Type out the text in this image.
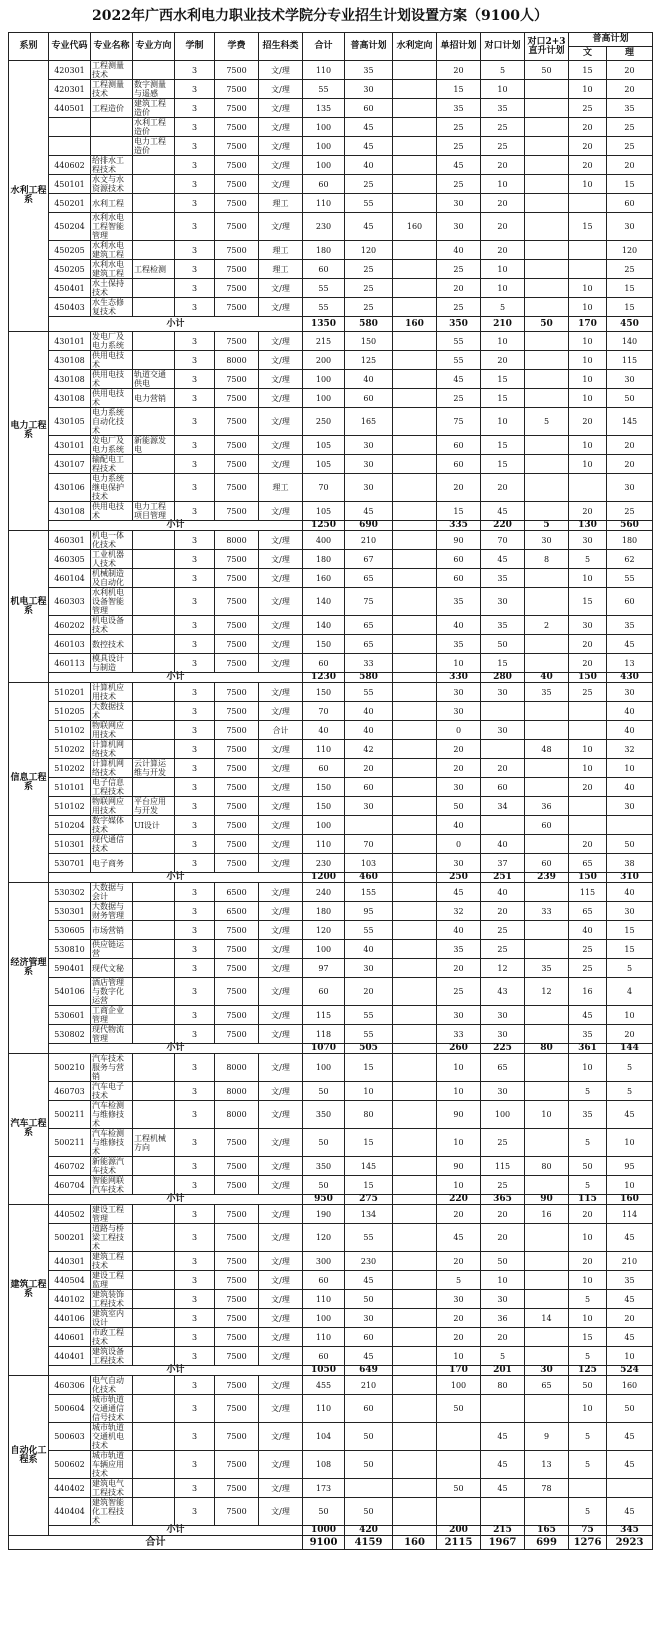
2022年广西水利电力职业技术学院分专业招生计划设置方案（9100人）
系别	专业代码	专业名称	专业方向	学制	学费	招生科类	合计	普高计划	水利定向	单招计划	对口计划	对口2+3直升计划	普高计划	
													文	理
水利工程系	420301	工程测量技术		3	7500	文/理	110	35		20	5	50	15	20
	420301	工程测量技术	数字测量与遥感	3	7500	文/理	55	30		15	10		10	20
	440501	工程造价	建筑工程造价	3	7500	文/理	135	60		35	35		25	35
			水利工程造价	3	7500	文/理	100	45		25	25		20	25
			电力工程造价	3	7500	文/理	100	45		25	25		20	25
	440602	给排水工程技术		3	7500	文/理	100	40		45	20		20	20
	450101	水文与水资源技术		3	7500	文/理	60	25		25	10		10	15
	450201	水利工程		3	7500	理工	110	55		30	20			60
	450204	水利水电工程智能管理		3	7500	文/理	230	45	160	30	20		15	30
	450205	水利水电建筑工程		3	7500	理工	180	120		40	20			120
	450205	水利水电建筑工程	工程检测	3	7500	理工	60	25		25	10			25
	450401	水土保持技术		3	7500	文/理	55	25		20	10		10	15
	450403	水生态修复技术		3	7500	文/理	55	25		25	5		10	15
	小计						1350	580	160	350	210	50	170	450
电力工程系	430101	发电厂及电力系统		3	7500	文/理	215	150		55	10		10	140
	430108	供用电技术		3	8000	文/理	200	125		55	20		10	115
	430108	供用电技术	轨道交通供电	3	7500	文/理	100	40		45	15		10	30
	430108	供用电技术	电力营销	3	7500	文/理	100	60		25	15		10	50
	430105	电力系统自动化技术		3	7500	文/理	250	165		75	10	5	20	145
	430101	发电厂及电力系统	新能源发电	3	7500	文/理	105	30		60	15		10	20
	430107	输配电工程技术		3	7500	文/理	105	30		60	15		10	20
	430106	电力系统继电保护技术		3	7500	理工	70	30		20	20			30
	430108	供用电技术	电力工程项目管理	3	7500	文/理	105	45		15	45		20	25
	小计						1250	690		335	220	5	130	560
机电工程系	460301	机电一体化技术		3	8000	文/理	400	210		90	70	30	30	180
	460305	工业机器人技术		3	7500	文/理	180	67		60	45	8	5	62
	460104	机械制造及自动化		3	7500	文/理	160	65		60	35		10	55
	460303	水利机电设备智能管理		3	7500	文/理	140	75		35	30		15	60
	460202	机电设备技术		3	7500	文/理	140	65		40	35	2	30	35
	460103	数控技术		3	7500	文/理	150	65		35	50		20	45
	460113	模具设计与制造		3	7500	文/理	60	33		10	15		20	13
	小计						1230	580		330	280	40	150	430
信息工程系	510201	计算机应用技术		3	7500	文/理	150	55		30	30	35	25	30
	510205	大数据技术		3	7500	文/理	70	40		30				40
	510102	物联网应用技术		3	7500	合计	40	40		0	30			40
	510202	计算机网络技术		3	7500	文/理	110	42		20		48	10	32
	510202	计算机网络技术	云计算运维与开发	3	7500	文/理	60	20		20	20		10	10
	510101	电子信息工程技术		3	7500	文/理	150	60		30	60		20	40
	510102	物联网应用技术	平台应用与开发	3	7500	文/理	150	30		50	34	36		30
	510204	数字媒体技术	UI设计	3	7500	文/理	100			40		60		
	510301	现代通信技术		3	7500	文/理	110	70		0	40		20	50
	530701	电子商务		3	7500	文/理	230	103		30	37	60	65	38
	小计						1200	460		250	251	239	150	310
经济管理系	530302	大数据与会计		3	6500	文/理	240	155		45	40		115	40
	530301	大数据与财务管理		3	6500	文/理	180	95		32	20	33	65	30
	530605	市场营销		3	7500	文/理	120	55		40	25		40	15
	530810	供应链运营		3	7500	文/理	100	40		35	25		25	15
	590401	现代文秘		3	7500	文/理	97	30		20	12	35	25	5
	540106	酒店管理与数字化运营		3	7500	文/理	60	20		25	43	12	16	4
	530601	工商企业管理		3	7500	文/理	115	55		30	30		45	10
	530802	现代物流管理		3	7500	文/理	118	55		33	30		35	20
	小计						1070	505		260	225	80	361	144
汽车工程系	500210	汽车技术服务与营销		3	8000	文/理	100	15		10	65		10	5
	460703	汽车电子技术		3	8000	文/理	50	10		10	30		5	5
	500211	汽车检测与维修技术		3	8000	文/理	350	80		90	100	10	35	45
	500211	汽车检测与维修技术	工程机械方向	3	7500	文/理	50	15		10	25		5	10
	460702	新能源汽车技术		3	7500	文/理	350	145		90	115	80	50	95
	460704	智能网联汽车技术		3	7500	文/理	50	15		10	25		5	10
	小计						950	275		220	365	90	115	160
建筑工程系	440502	建设工程管理		3	7500	文/理	190	134		20	20	16	20	114
	500201	道路与桥梁工程技术		3	7500	文/理	120	55		45	20		10	45
	440301	建筑工程技术		3	7500	文/理	300	230		20	50		20	210
	440504	建设工程监理		3	7500	文/理	60	45		5	10		10	35
	440102	建筑装饰工程技术		3	7500	文/理	110	50		30	30		5	45
	440106	建筑室内设计		3	7500	文/理	100	30		20	36	14	10	20
	440601	市政工程技术		3	7500	文/理	110	60		20	20		15	45
	440401	建筑设备工程技术		3	7500	文/理	60	45		10	5		5	10
	小计						1050	649		170	201	30	125	524
自动化工程系	460306	电气自动化技术		3	7500	文/理	455	210		100	80	65	50	160
	500604	城市轨道交通通信信号技术		3	7500	文/理	110	60		50			10	50
	500603	城市轨道交通机电技术		3	7500	文/理	104	50			45	9	5	45
	500602	城市轨道车辆应用技术		3	7500	文/理	108	50			45	13	5	45
	440402	建筑电气工程技术		3	7500	文/理	173			50	45	78		
	440404	建筑智能化工程技术		3	7500	文/理	50	50					5	45
	小计						1000	420		200	215	165	75	345
合计							9100	4159	160	2115	1967	699	1276	2923
